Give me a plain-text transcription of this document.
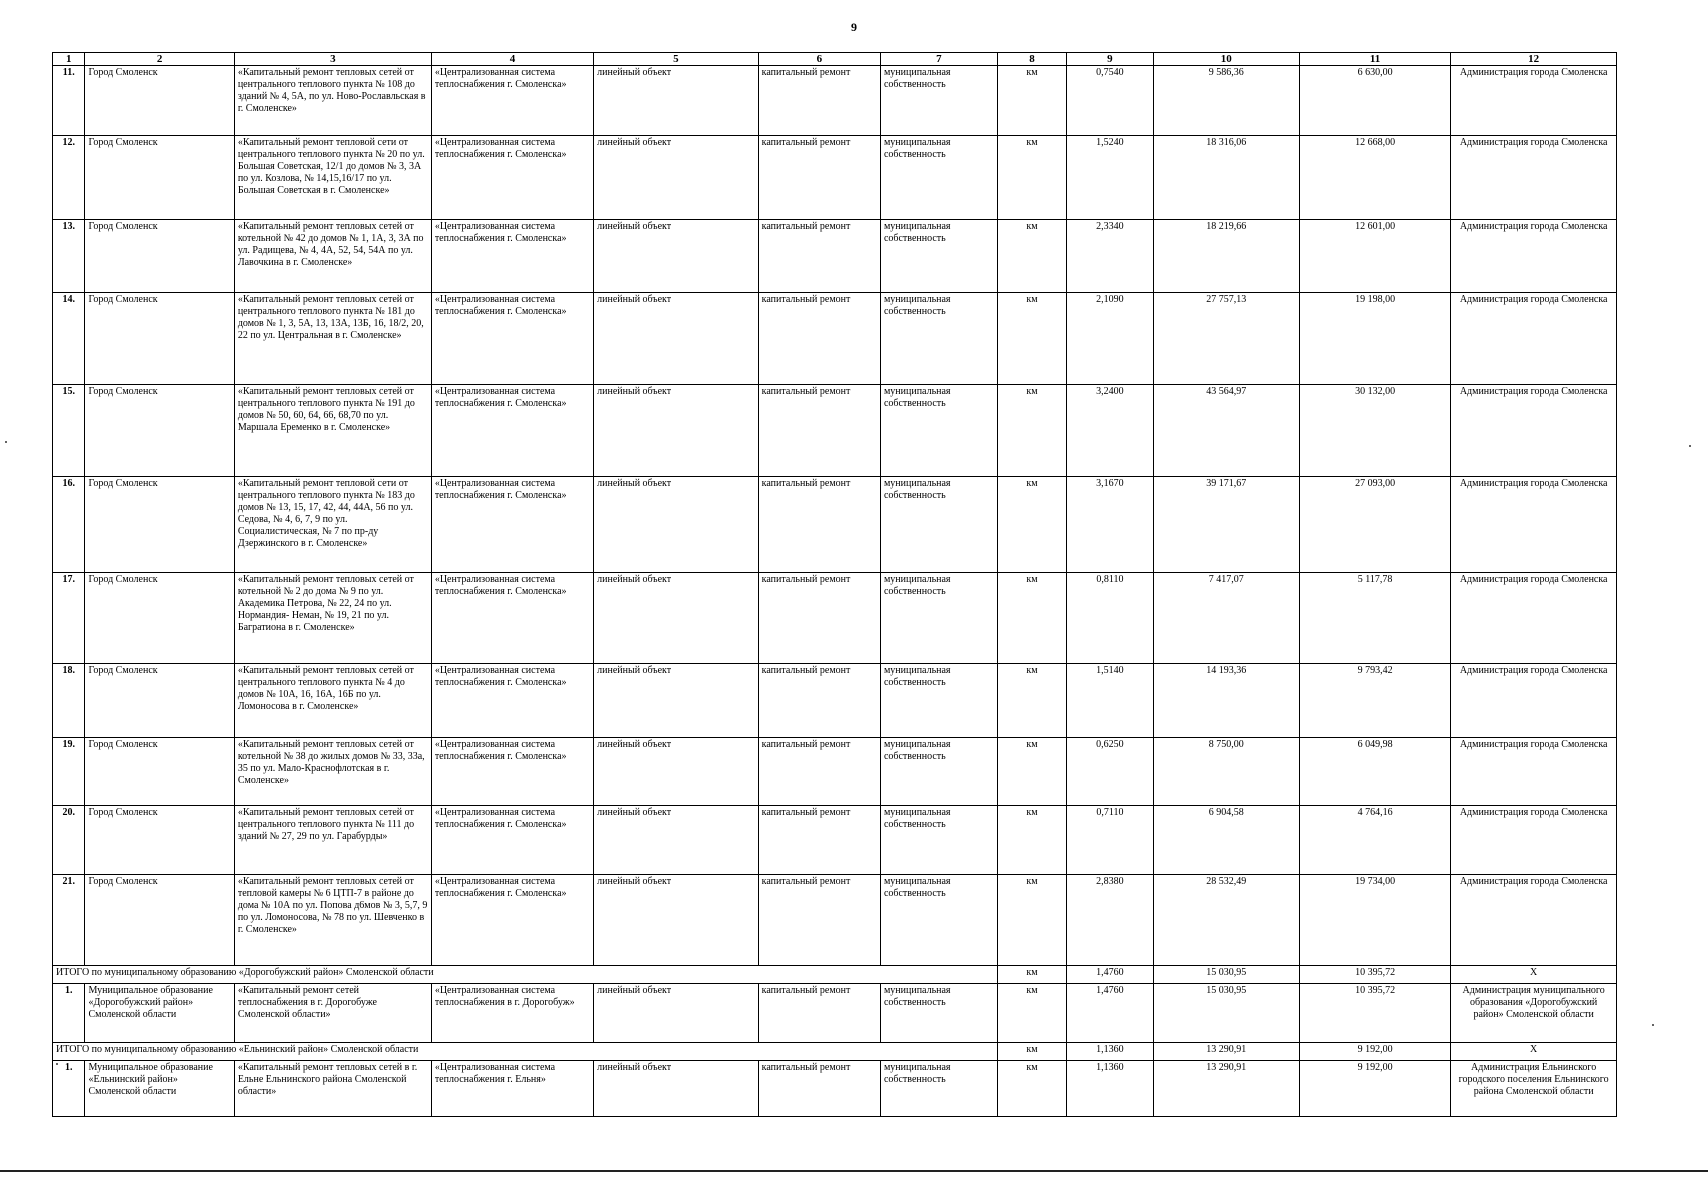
9
1	2	3	4	5	6	7	8	9	10	11	12
11.	Город Смоленск	«Капитальный ремонт тепловых сетей от центрального теплового пункта № 108 до зданий № 4, 5А, по ул. Ново-Рославльская в г. Смоленске»	«Централизованная система теплоснабжения г. Смоленска»	линейный объект	капитальный ремонт	муниципальная собственность	км	0,7540	9 586,36	6 630,00	Администрация города Смоленска
12.	Город Смоленск	«Капитальный ремонт тепловой сети от центрального теплового пункта № 20 по ул. Большая Советская, 12/1 до домов № 3, 3А по ул. Козлова, № 14,15,16/17 по ул. Большая Советская в г. Смоленске»	«Централизованная система теплоснабжения г. Смоленска»	линейный объект	капитальный ремонт	муниципальная собственность	км	1,5240	18 316,06	12 668,00	Администрация города Смоленска
13.	Город Смоленск	«Капитальный ремонт тепловых сетей от котельной № 42 до домов № 1, 1А, 3, 3А по ул. Радищева, № 4, 4А, 52, 54, 54А по ул. Лавочкина в г. Смоленске»	«Централизованная система теплоснабжения г. Смоленска»	линейный объект	капитальный ремонт	муниципальная собственность	км	2,3340	18 219,66	12 601,00	Администрация города Смоленска
14.	Город Смоленск	«Капитальный ремонт тепловых сетей от центрального теплового пункта № 181 до домов № 1, 3, 5А, 13, 13А, 13Б, 16, 18/2, 20, 22 по ул. Центральная в г. Смоленске»	«Централизованная система теплоснабжения г. Смоленска»	линейный объект	капитальный ремонт	муниципальная собственность	км	2,1090	27 757,13	19 198,00	Администрация города Смоленска
15.	Город Смоленск	«Капитальный ремонт тепловых сетей от центрального теплового пункта № 191 до домов № 50, 60, 64, 66, 68,70 по ул. Маршала Еременко в г. Смоленске»	«Централизованная система теплоснабжения г. Смоленска»	линейный объект	капитальный ремонт	муниципальная собственность	км	3,2400	43 564,97	30 132,00	Администрация города Смоленска
16.	Город Смоленск	«Капитальный ремонт тепловой сети от центрального теплового пункта № 183 до домов № 13, 15, 17, 42, 44, 44А, 56 по ул. Седова, № 4, 6, 7, 9 по ул. Социалистическая, № 7 по пр-ду Дзержинского в г. Смоленске»	«Централизованная система теплоснабжения г. Смоленска»	линейный объект	капитальный ремонт	муниципальная собственность	км	3,1670	39 171,67	27 093,00	Администрация города Смоленска
17.	Город Смоленск	«Капитальный ремонт тепловых сетей от котельной № 2 до дома № 9 по ул. Академика Петрова, № 22, 24 по ул. Нормандия- Неман, № 19, 21 по ул. Багратиона в г. Смоленске»	«Централизованная система теплоснабжения г. Смоленска»	линейный объект	капитальный ремонт	муниципальная собственность	км	0,8110	7 417,07	5 117,78	Администрация города Смоленска
18.	Город Смоленск	«Капитальный ремонт тепловых сетей от центрального теплового пункта № 4 до домов № 10А, 16, 16А, 16Б по ул. Ломоносова в г. Смоленске»	«Централизованная система теплоснабжения г. Смоленска»	линейный объект	капитальный ремонт	муниципальная собственность	км	1,5140	14 193,36	9 793,42	Администрация города Смоленска
19.	Город Смоленск	«Капитальный ремонт тепловых сетей от котельной № 38 до жилых домов № 33, 33а, 35 по ул. Мало-Краснофлотская в г. Смоленске»	«Централизованная система теплоснабжения г. Смоленска»	линейный объект	капитальный ремонт	муниципальная собственность	км	0,6250	8 750,00	6 049,98	Администрация города Смоленска
20.	Город Смоленск	«Капитальный ремонт тепловых сетей от центрального теплового пункта № 111 до зданий № 27, 29 по ул. Гарабурды»	«Централизованная система теплоснабжения г. Смоленска»	линейный объект	капитальный ремонт	муниципальная собственность	км	0,7110	6 904,58	4 764,16	Администрация города Смоленска
21.	Город Смоленск	«Капитальный ремонт тепловых сетей от тепловой камеры № 6 ЦТП-7 в районе до дома № 10А по ул. Попова д6мов № 3, 5,7, 9 по ул. Ломоносова, № 78 по ул. Шевченко в г. Смоленске»	«Централизованная система теплоснабжения г. Смоленска»	линейный объект	капитальный ремонт	муниципальная собственность	км	2,8380	28 532,49	19 734,00	Администрация города Смоленска
ИТОГО по муниципальному образованию «Дорогобужский район» Смоленской области							км	1,4760	15 030,95	10 395,72	X
1.	Муниципальное образование «Дорогобужский район» Смоленской области	«Капитальный ремонт сетей теплоснабжения в г. Дорогобуже Смоленской области»	«Централизованная система теплоснабжения в г. Дорогобуж»	линейный объект	капитальный ремонт	муниципальная собственность	км	1,4760	15 030,95	10 395,72	Администрация муниципального образования «Дорогобужский район» Смоленской области
ИТОГО по муниципальному образованию «Ельнинский район» Смоленской области							км	1,1360	13 290,91	9 192,00	X
1.	Муниципальное образование «Ельнинский район» Смоленской области	«Капитальный ремонт тепловых сетей в г. Ельне Ельнинского района Смоленской области»	«Централизованная система теплоснабжения г. Ельня»	линейный объект	капитальный ремонт	муниципальная собственность	км	1,1360	13 290,91	9 192,00	Администрация Ельнинского городского поселения Ельнинского района Смоленской области
